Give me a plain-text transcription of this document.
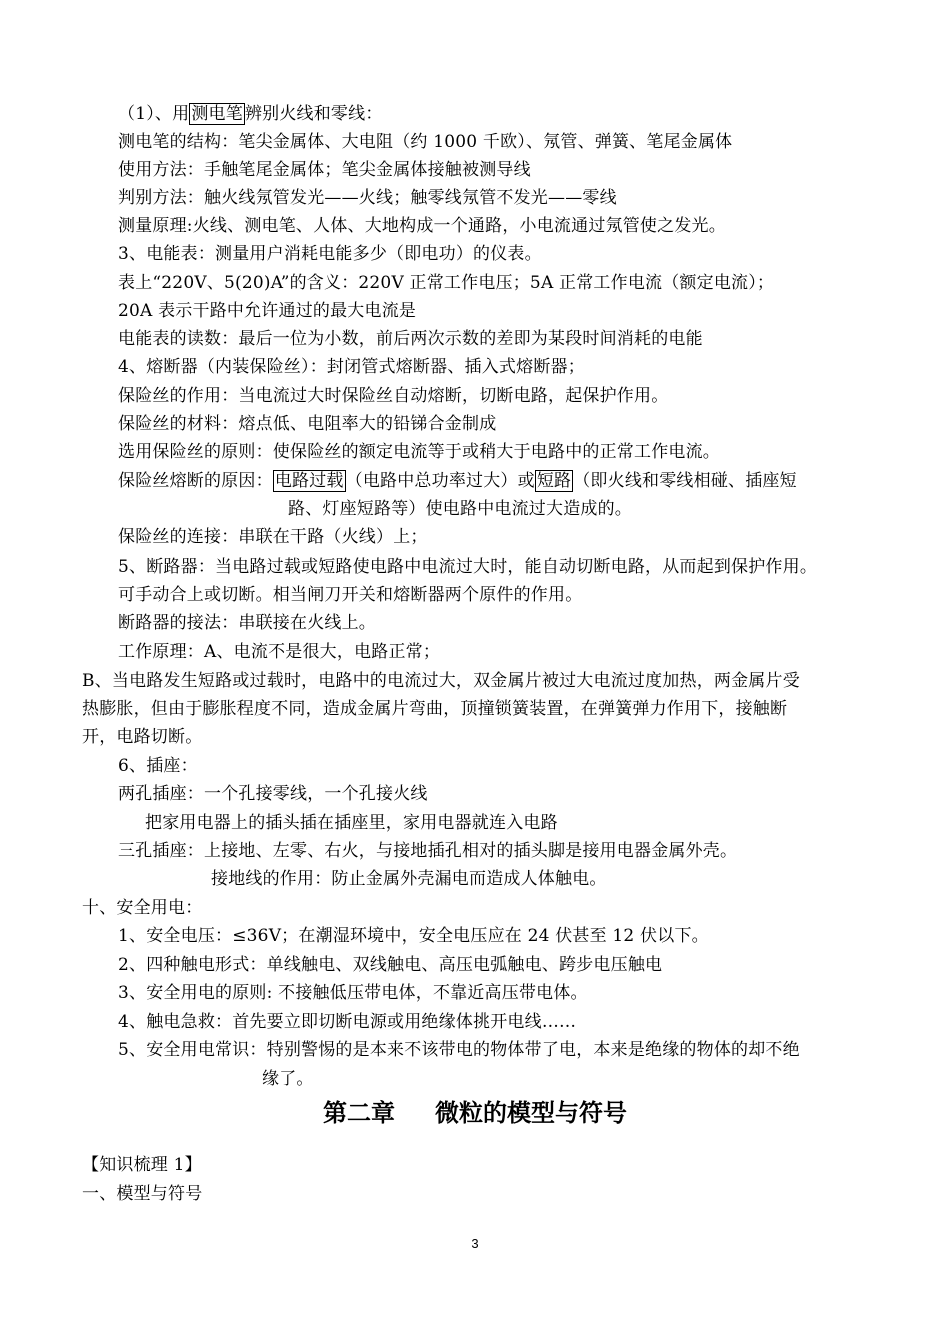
（1）、用 测电笔 辨别火线和零线：
测电笔的结构：笔尖金属体、大电阻（约 1000 千欧）、氖管、弹簧、笔尾金属体
使用方法：手触笔尾金属体；笔尖金属体接触被测导线
判别方法：触火线氖管发光——火线；触零线氖管不发光——零线
测量原理:火线、测电笔、人体、大地构成一个通路，小电流通过氖管使之发光。
3、电能表：测量用户消耗电能多少（即电功）的仪表。
表上“220V、5(20)A”的含义：220V 正常工作电压；5A 正常工作电流（额定电流）；
20A 表示干路中允许通过的最大电流是
电能表的读数：最后一位为小数，前后两次示数的差即为某段时间消耗的电能
4、熔断器（内装保险丝）：封闭管式熔断器、插入式熔断器；
保险丝的作用：当电流过大时保险丝自动熔断，切断电路，起保护作用。
保险丝的材料：熔点低、电阻率大的铅锑合金制成
选用保险丝的原则：使保险丝的额定电流等于或稍大于电路中的正常工作电流。
保险丝熔断的原因： 电路过载 （电路中总功率过大）或 短路 （即火线和零线相碰、插座短
路、灯座短路等）使电路中电流过大造成的。
保险丝的连接：串联在干路（火线）上；
5、断路器：当电路过载或短路使电路中电流过大时，能自动切断电路，从而起到保护作用。
可手动合上或切断。相当闸刀开关和熔断器两个原件的作用。
断路器的接法：串联接在火线上。
工作原理：A、电流不是很大，电路正常；
B、当电路发生短路或过载时，电路中的电流过大，双金属片被过大电流过度加热，两金属片受
热膨胀，但由于膨胀程度不同，造成金属片弯曲，顶撞锁簧装置，在弹簧弹力作用下，接触断
开，电路切断。
6、插座：
两孔插座：一个孔接零线，一个孔接火线
把家用电器上的插头插在插座里，家用电器就连入电路
三孔插座：上接地、左零、右火，与接地插孔相对的插头脚是接用电器金属外壳。
接地线的作用：防止金属外壳漏电而造成人体触电。
十、安全用电：
1、安全电压：≤36V；在潮湿环境中，安全电压应在 24 伏甚至 12 伏以下。
2、四种触电形式：单线触电、双线触电、高压电弧触电、跨步电压触电
3、安全用电的原则: 不接触低压带电体，不靠近高压带电体。
4、触电急救：首先要立即切断电源或用绝缘体挑开电线……
5、安全用电常识：特别警惕的是本来不该带电的物体带了电，本来是绝缘的物体的却不绝
缘了。
第二章 微粒的模型与符号
【知识梳理 1】
一、模型与符号
3
